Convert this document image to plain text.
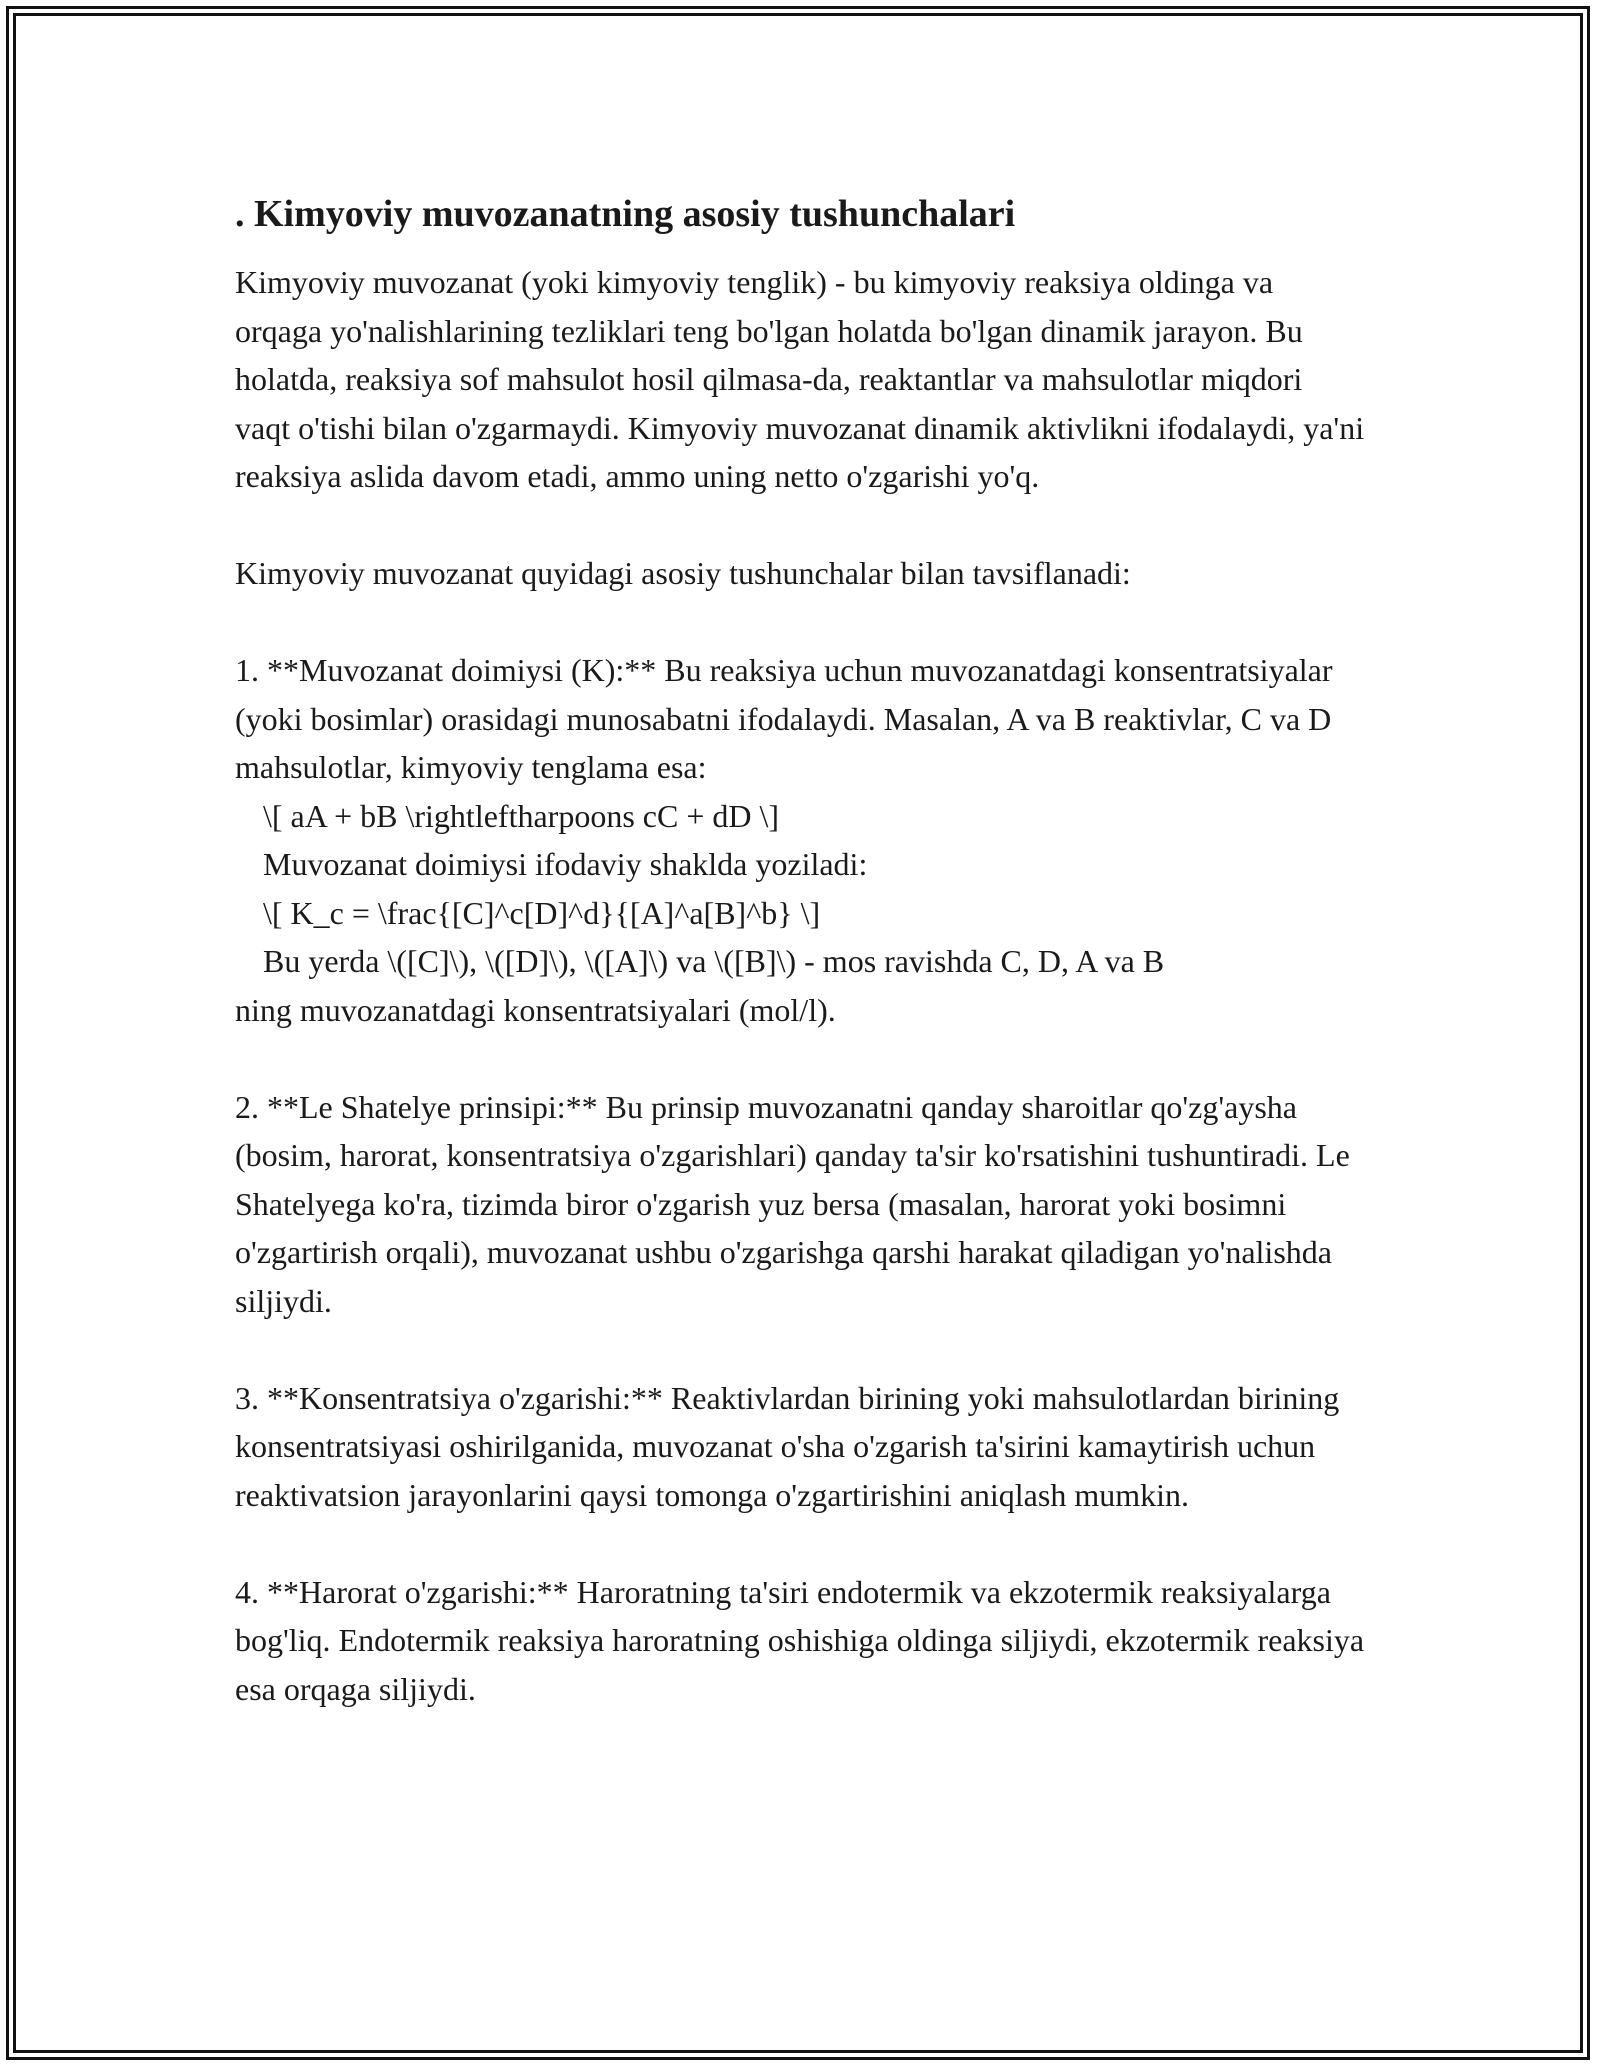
. Kimyoviy muvozanatning asosiy tushunchalari

Kimyoviy muvozanat (yoki kimyoviy tenglik) - bu kimyoviy reaksiya oldinga va orqaga yo'nalishlarining tezliklari teng bo'lgan holatda bo'lgan dinamik jarayon. Bu holatda, reaksiya sof mahsulot hosil qilmasa-da, reaktantlar va mahsulotlar miqdori vaqt o'tishi bilan o'zgarmaydi. Kimyoviy muvozanat dinamik aktivlikni ifodalaydi, ya'ni reaksiya aslida davom etadi, ammo uning netto o'zgarishi yo'q.

Kimyoviy muvozanat quyidagi asosiy tushunchalar bilan tavsiflanadi:

1. **Muvozanat doimiysi (K):** Bu reaksiya uchun muvozanatdagi konsentratsiyalar (yoki bosimlar) orasidagi munosabatni ifodalaydi. Masalan, A va B reaktivlar, C va D mahsulotlar, kimyoviy tenglama esa:

\[ aA + bB \rightleftharpoons cC + dD \]

Muvozanat doimiysi ifodaviy shaklda yoziladi:

\[ K_c = \frac{[C]^c[D]^d}{[A]^a[B]^b} \]

Bu yerda \([C]\), \([D]\), \([A]\) va \([B]\) - mos ravishda C, D, A va B

ning muvozanatdagi konsentratsiyalari (mol/l).

2. **Le Shatelye prinsipi:** Bu prinsip muvozanatni qanday sharoitlar qo'zg'aysha (bosim, harorat, konsentratsiya o'zgarishlari) qanday ta'sir ko'rsatishini tushuntiradi. Le Shatelyega ko'ra, tizimda biror o'zgarish yuz bersa (masalan, harorat yoki bosimni o'zgartirish orqali), muvozanat ushbu o'zgarishga qarshi harakat qiladigan yo'nalishda siljiydi.

3. **Konsentratsiya o'zgarishi:** Reaktivlardan birining yoki mahsulotlardan birining konsentratsiyasi oshirilganida, muvozanat o'sha o'zgarish ta'sirini kamaytirish uchun reaktivatsion jarayonlarini qaysi tomonga o'zgartirishini aniqlash mumkin.

4. **Harorat o'zgarishi:** Haroratning ta'siri endotermik va ekzotermik reaksiyalarga bog'liq. Endotermik reaksiya haroratning oshishiga oldinga siljiydi, ekzotermik reaksiya esa orqaga siljiydi.
